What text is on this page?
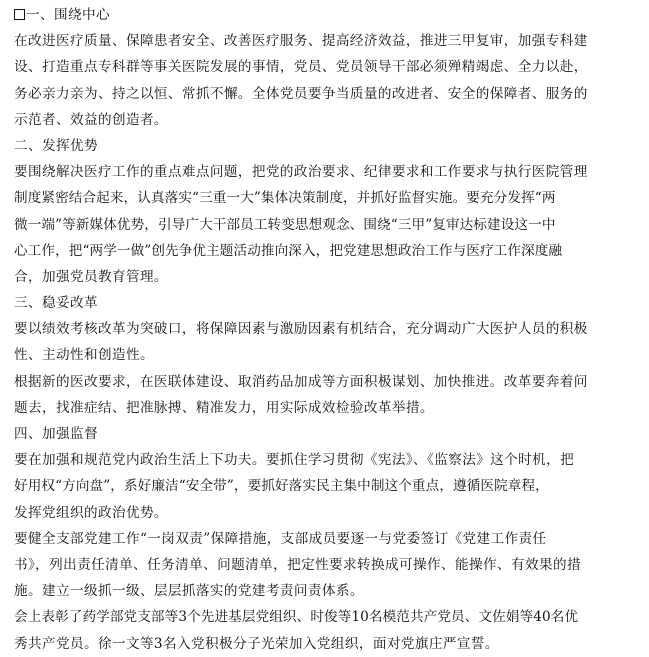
一、围绕中心
在改进医疗质量、保障患者安全、改善医疗服务、提高经济效益，推进三甲复审，加强专科建
设、打造重点专科群等事关医院发展的事情，党员、党员领导干部必须殚精竭虑、全力以赴，
务必亲力亲为、持之以恒、常抓不懈。全体党员要争当质量的改进者、安全的保障者、服务的
示范者、效益的创造者。
二、发挥优势
要围绕解决医疗工作的重点难点问题，把党的政治要求、纪律要求和工作要求与执行医院管理
制度紧密结合起来，认真落实“三重一大”集体决策制度，并抓好监督实施。要充分发挥“两
微一端”等新媒体优势，引导广大干部员工转变思想观念、围绕“三甲”复审达标建设这一中
心工作，把“两学一做”创先争优主题活动推向深入，把党建思想政治工作与医疗工作深度融
合，加强党员教育管理。
三、稳妥改革
要以绩效考核改革为突破口，将保障因素与激励因素有机结合，充分调动广大医护人员的积极
性、主动性和创造性。
根据新的医改要求，在医联体建设、取消药品加成等方面积极谋划、加快推进。改革要奔着问
题去，找准症结、把准脉搏、精准发力，用实际成效检验改革举措。
四、加强监督
要在加强和规范党内政治生活上下功夫。要抓住学习贯彻《宪法》、《监察法》这个时机，把
好用权“方向盘”，系好廉洁“安全带”，要抓好落实民主集中制这个重点，遵循医院章程，
发挥党组织的政治优势。
要健全支部党建工作“一岗双责”保障措施，支部成员要逐一与党委签订《党建工作责任
书》，列出责任清单、任务清单、问题清单，把定性要求转换成可操作、能操作、有效果的措
施。建立一级抓一级、层层抓落实的党建考责问责体系。
会上表彰了药学部党支部等3个先进基层党组织、时俊等10名模范共产党员、文佐娟等40名优
秀共产党员。徐一文等3名入党积极分子光荣加入党组织，面对党旗庄严宣誓。
